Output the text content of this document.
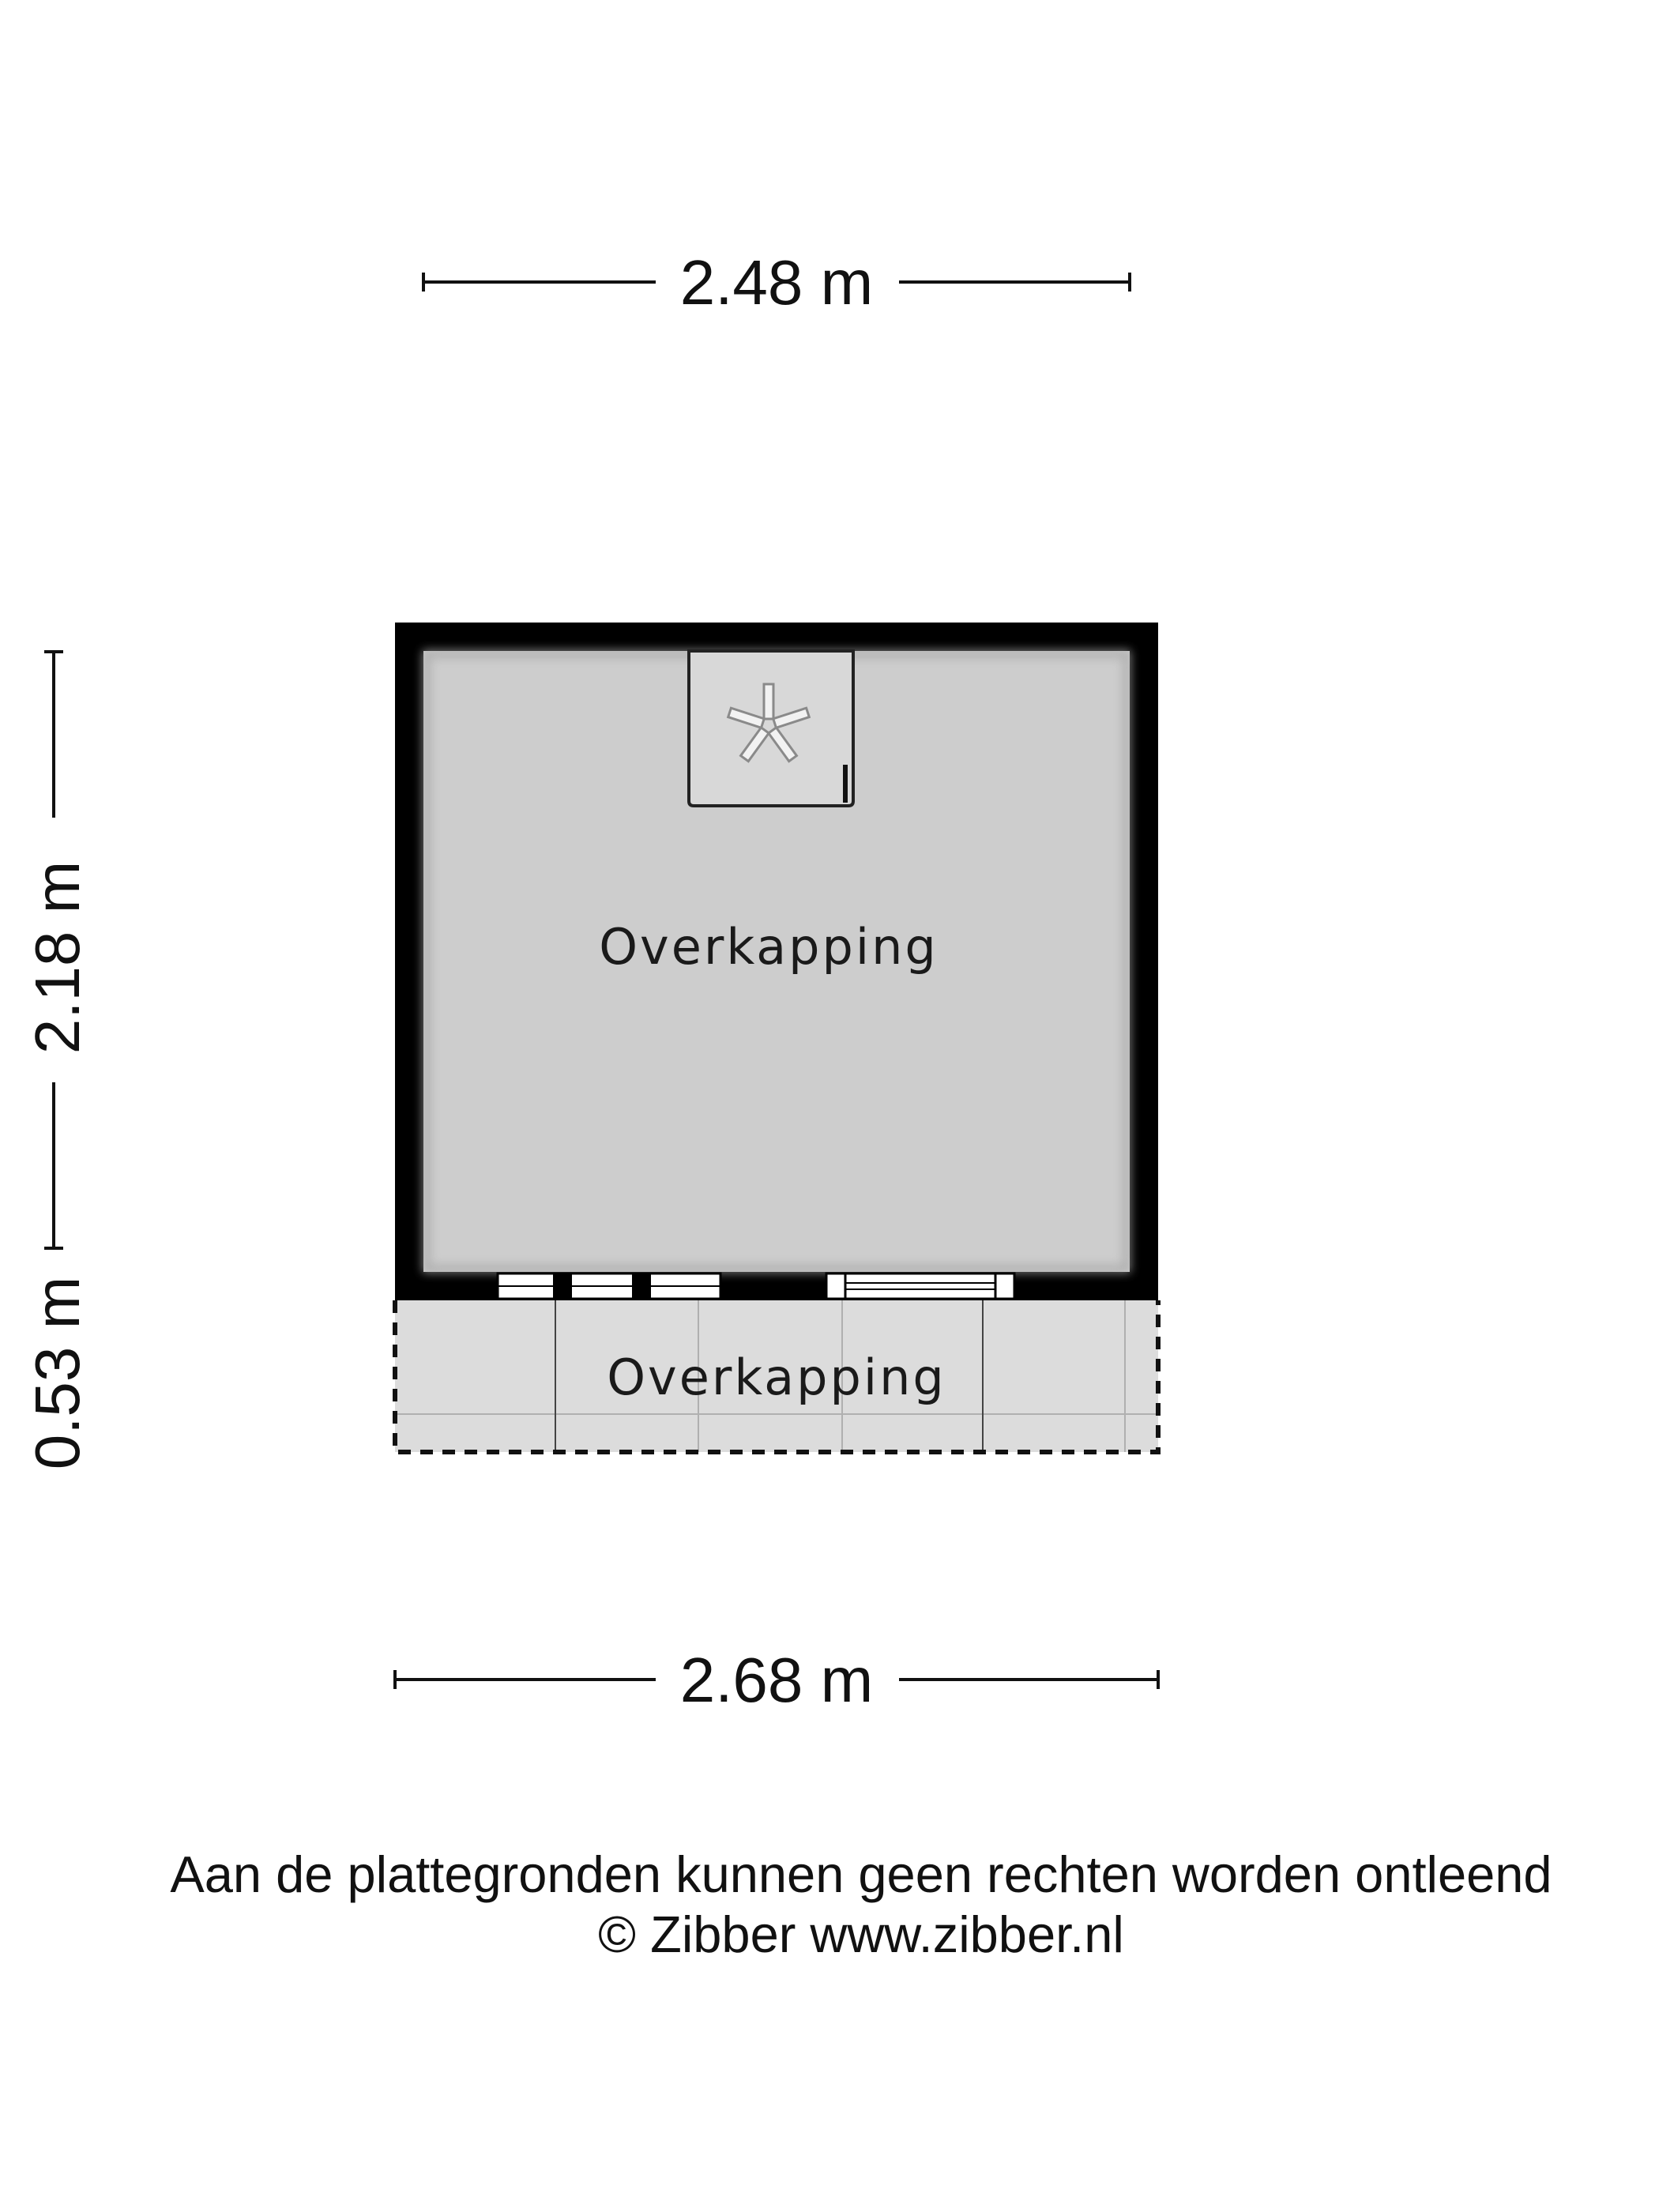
2.48 m
2.18 m
0.53 m
Overkapping
Overkapping
2.68 m
Aan de plattegronden kunnen geen rechten worden ontleend
© Zibber www.zibber.nl
